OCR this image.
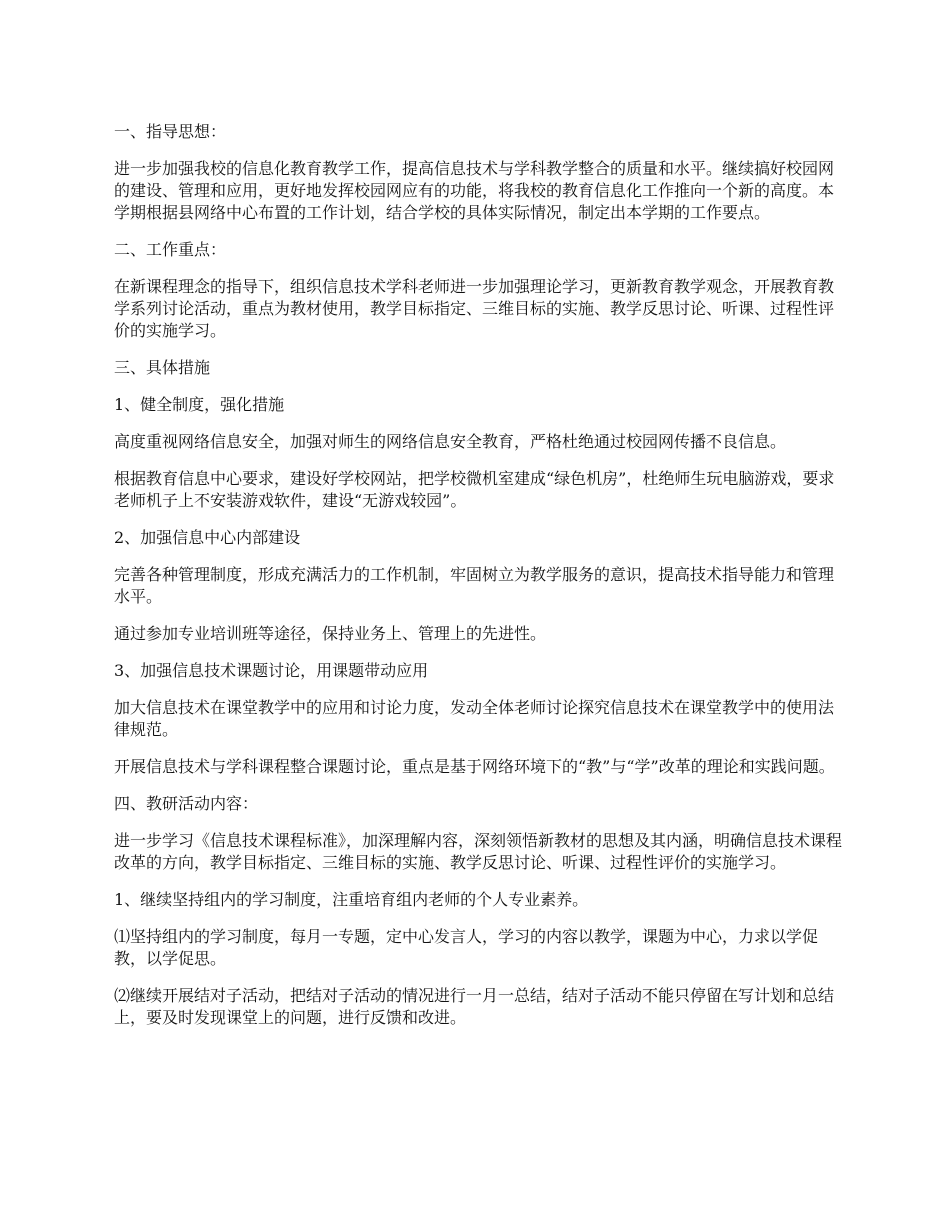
一、指导思想：

进一步加强我校的信息化教育教学工作，提高信息技术与学科教学整合的质量和水平。继续搞好校园网的建设、管理和应用，更好地发挥校园网应有的功能，将我校的教育信息化工作推向一个新的高度。本学期根据县网络中心布置的工作计划，结合学校的具体实际情况，制定出本学期的工作要点。

二、工作重点：

在新课程理念的指导下，组织信息技术学科老师进一步加强理论学习，更新教育教学观念，开展教育教学系列讨论活动，重点为教材使用，教学目标指定、三维目标的实施、教学反思讨论、听课、过程性评价的实施学习。

三、具体措施

1、健全制度，强化措施

高度重视网络信息安全，加强对师生的网络信息安全教育，严格杜绝通过校园网传播不良信息。

根据教育信息中心要求，建设好学校网站，把学校微机室建成“绿色机房”，杜绝师生玩电脑游戏，要求老师机子上不安装游戏软件，建设“无游戏较园”。

2、加强信息中心内部建设

完善各种管理制度，形成充满活力的工作机制，牢固树立为教学服务的意识，提高技术指导能力和管理水平。

通过参加专业培训班等途径，保持业务上、管理上的先进性。

3、加强信息技术课题讨论，用课题带动应用

加大信息技术在课堂教学中的应用和讨论力度，发动全体老师讨论探究信息技术在课堂教学中的使用法律规范。

开展信息技术与学科课程整合课题讨论，重点是基于网络环境下的“教”与“学”改革的理论和实践问题。

四、教研活动内容：

进一步学习《信息技术课程标准》，加深理解内容，深刻领悟新教材的思想及其内涵，明确信息技术课程改革的方向，教学目标指定、三维目标的实施、教学反思讨论、听课、过程性评价的实施学习。

1、继续坚持组内的学习制度，注重培育组内老师的个人专业素养。

⑴坚持组内的学习制度，每月一专题，定中心发言人，学习的内容以教学，课题为中心，力求以学促教，以学促思。

⑵继续开展结对子活动，把结对子活动的情况进行一月一总结，结对子活动不能只停留在写计划和总结上，要及时发现课堂上的问题，进行反馈和改进。
